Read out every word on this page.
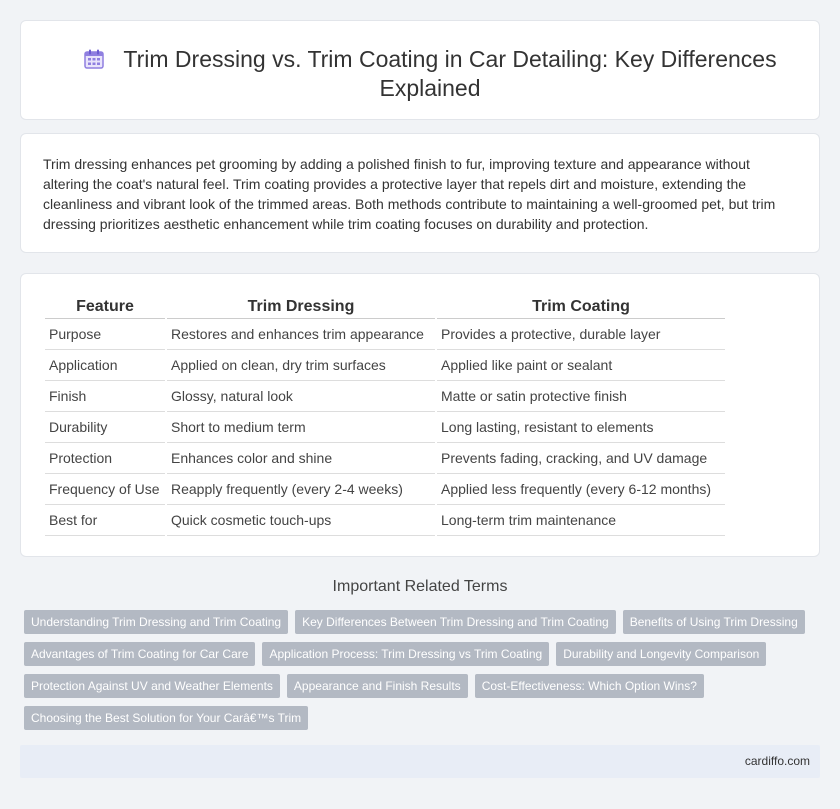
Trim Dressing vs. Trim Coating in Car Detailing: Key Differences Explained

Trim dressing enhances pet grooming by adding a polished finish to fur, improving texture and appearance without altering the coat's natural feel. Trim coating provides a protective layer that repels dirt and moisture, extending the cleanliness and vibrant look of the trimmed areas. Both methods contribute to maintaining a well-groomed pet, but trim dressing prioritizes aesthetic enhancement while trim coating focuses on durability and protection.

Feature	Trim Dressing	Trim Coating
Purpose	Restores and enhances trim appearance	Provides a protective, durable layer
Application	Applied on clean, dry trim surfaces	Applied like paint or sealant
Finish	Glossy, natural look	Matte or satin protective finish
Durability	Short to medium term	Long lasting, resistant to elements
Protection	Enhances color and shine	Prevents fading, cracking, and UV damage
Frequency of Use	Reapply frequently (every 2-4 weeks)	Applied less frequently (every 6-12 months)
Best for	Quick cosmetic touch-ups	Long-term trim maintenance
Important Related Terms
Understanding Trim Dressing and Trim Coating	Key Differences Between Trim Dressing and Trim Coating	Benefits of Using Trim Dressing
Advantages of Trim Coating for Car Care	Application Process: Trim Dressing vs Trim Coating	Durability and Longevity Comparison
Protection Against UV and Weather Elements	Appearance and Finish Results	Cost-Effectiveness: Which Option Wins?
Choosing the Best Solution for Your Carâ€™s Trim
cardiffo.com
